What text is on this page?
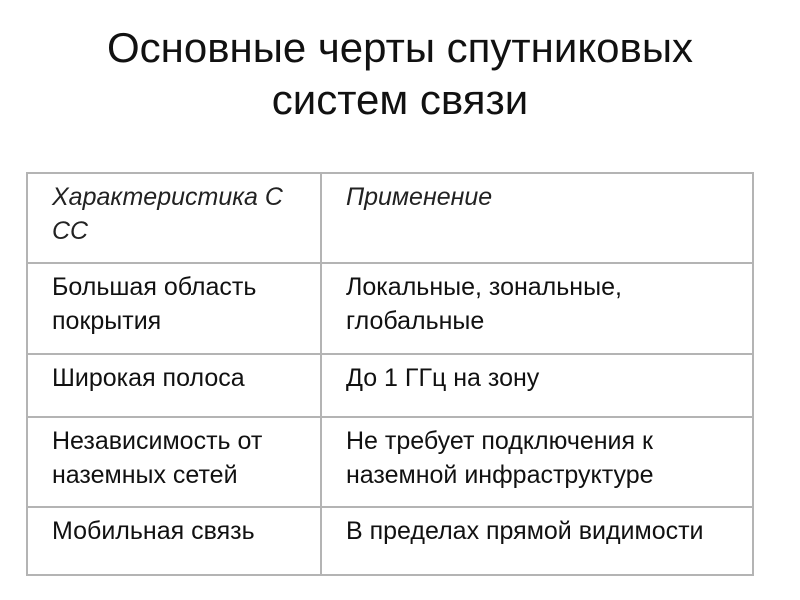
Основные черты спутниковых
систем связи
Характеристика ССС	Применение

Большая область покрытия	Локальные, зональные, глобальные

Широкая полоса	До 1 ГГц на зону

Независимость от наземных сетей	Не требует подключения к наземной инфраструктуре

Мобильная связь	В пределах прямой видимости
